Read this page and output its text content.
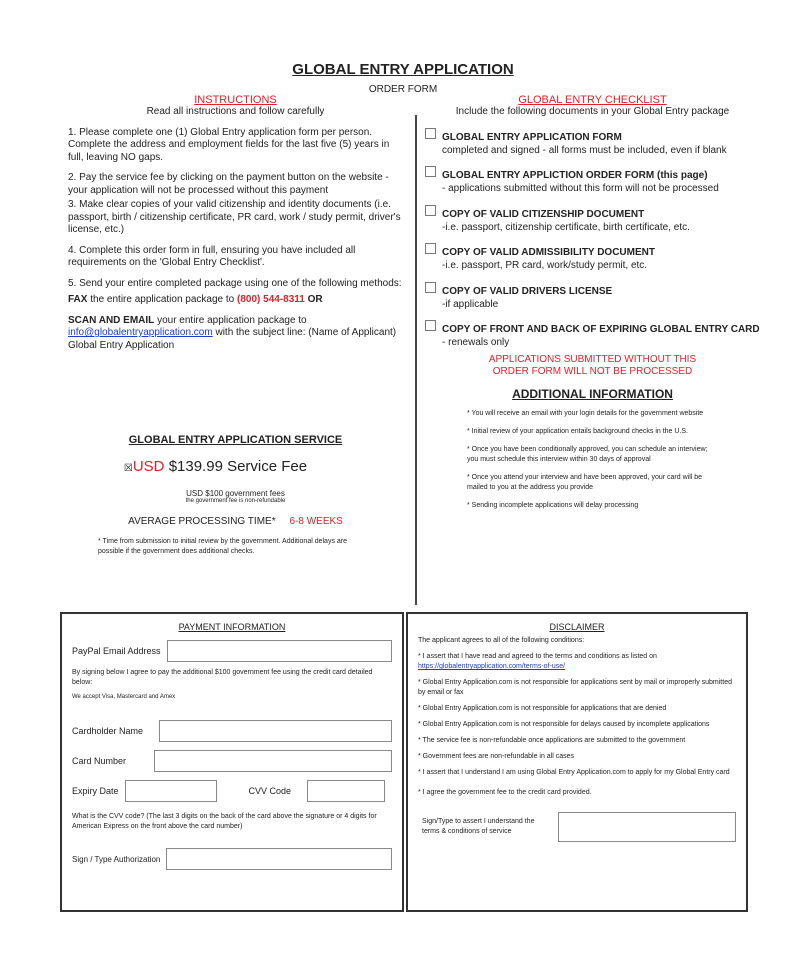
GLOBAL ENTRY APPLICATION
ORDER FORM
INSTRUCTIONS
Read all instructions and follow carefully

1. Please complete one (1) Global Entry application form per person. Complete the address and employment fields for the last five (5) years in full, leaving NO gaps.

2. Pay the service fee by clicking on the payment button on the website - your application will not be processed without this payment

3. Make clear copies of your valid citizenship and identity documents (i.e. passport, birth / citizenship certificate, PR card, work / study permit, driver's license, etc.)

4. Complete this order form in full, ensuring you have included all requirements on the 'Global Entry Checklist'.

5. Send your entire completed package using one of the following methods:

FAX the entire application package to (800) 544-8311 OR

SCAN AND EMAIL your entire application package to info@globalentryapplication.com with the subject line: (Name of Applicant) Global Entry Application

GLOBAL ENTRY APPLICATION SERVICE
☒USD $139.99 Service Fee
USD $100 government fees
the government fee is non-refundable
AVERAGE PROCESSING TIME* 6-8 WEEKS
* Time from submission to initial review by the government. Additional delays are possible if the government does additional checks.
GLOBAL ENTRY CHECKLIST
Include the following documents in your Global Entry package
GLOBAL ENTRY APPLICATION FORM
completed and signed - all forms must be included, even if blank
GLOBAL ENTRY APPLICTION ORDER FORM (this page)
- applications submitted without this form will not be processed
COPY OF VALID CITIZENSHIP DOCUMENT
-i.e. passport, citizenship certificate, birth certificate, etc.
COPY OF VALID ADMISSIBILITY DOCUMENT
-i.e. passport, PR card, work/study permit, etc.
COPY OF VALID DRIVERS LICENSE
-if applicable
COPY OF FRONT AND BACK OF EXPIRING GLOBAL ENTRY CARD
- renewals only
APPLICATIONS SUBMITTED WITHOUT THIS ORDER FORM WILL NOT BE PROCESSED
ADDITIONAL INFORMATION
* You will receive an email with your login details for the government website
* Initial review of your application entails background checks in the U.S.
* Once you have been conditionally approved, you can schedule an interview; you must schedule this interview within 30 days of approval
* Once you attend your interview and have been approved, your card will be mailed to you at the address you provide
* Sending incomplete applications will delay processing
PAYMENT INFORMATION
PayPal Email Address
By signing below I agree to pay the additional $100 government fee using the credit card detailed below:
We accept Visa, Mastercard and Amex
Cardholder Name
Card Number
Expiry Date	CVV Code
What is the CVV code? (The last 3 digits on the back of the card above the signature or 4 digits for American Express on the front above the card number)
Sign / Type Authorization
DISCLAIMER
The applicant agrees to all of the following conditions:
* I assert that I have read and agreed to the terms and conditions as listed on
https://globalentryapplication.com/terms-of-use/
* Global Entry Application.com is not responsible for applications sent by mail or improperly submitted by email or fax
* Global Entry Application.com is not responsible for applications that are denied
* Global Entry Application.com is not responsible for delays caused by incomplete applications
* The service fee is non-refundable once applications are submitted to the government
* Government fees are non-refundable in all cases
* I assert that I understand I am using Global Entry Application.com to apply for my Global Entry card
* I agree the government fee to the credit card provided.
Sign/Type to assert I understand the terms & conditions of service
